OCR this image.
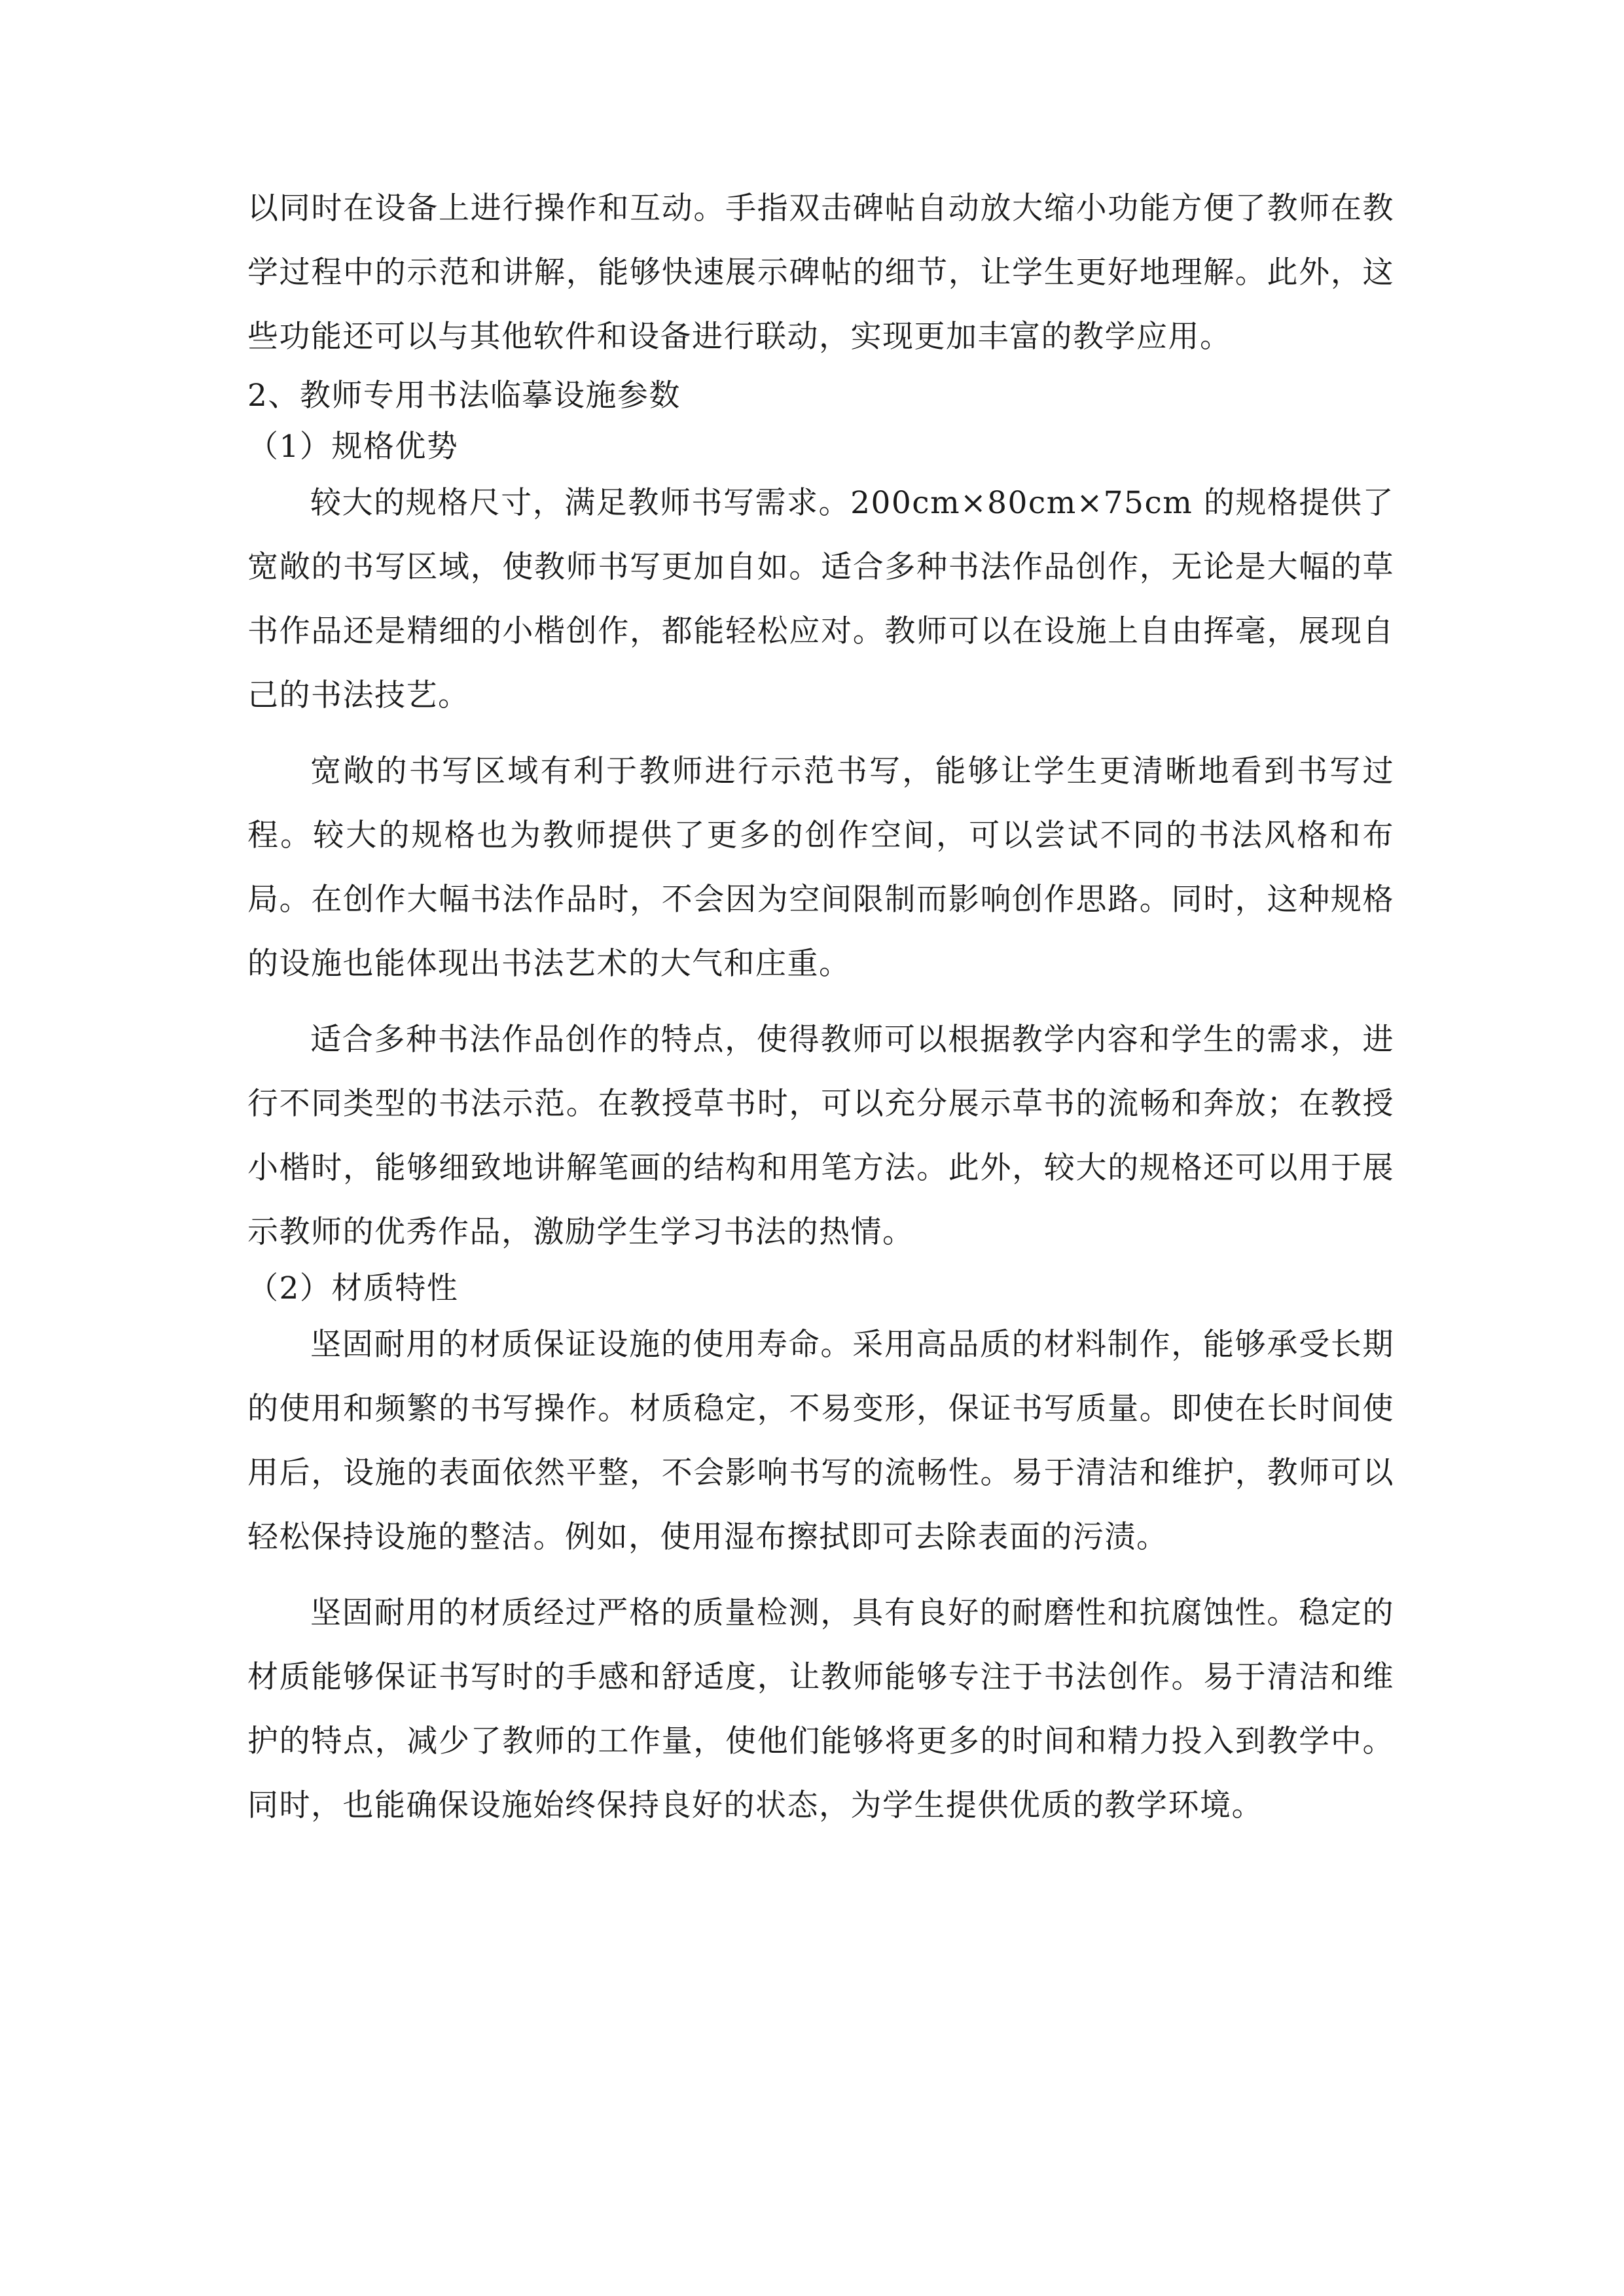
以同时在设备上进行操作和互动。手指双击碑帖自动放大缩小功能方便了教师在教学过程中的示范和讲解，能够快速展示碑帖的细节，让学生更好地理解。此外，这些功能还可以与其他软件和设备进行联动，实现更加丰富的教学应用。

2、教师专用书法临摹设施参数

（1）规格优势

较大的规格尺寸，满足教师书写需求。200cm×80cm×75cm 的规格提供了宽敞的书写区域，使教师书写更加自如。适合多种书法作品创作，无论是大幅的草书作品还是精细的小楷创作，都能轻松应对。教师可以在设施上自由挥毫，展现自己的书法技艺。

宽敞的书写区域有利于教师进行示范书写，能够让学生更清晰地看到书写过程。较大的规格也为教师提供了更多的创作空间，可以尝试不同的书法风格和布局。在创作大幅书法作品时，不会因为空间限制而影响创作思路。同时，这种规格的设施也能体现出书法艺术的大气和庄重。

适合多种书法作品创作的特点，使得教师可以根据教学内容和学生的需求，进行不同类型的书法示范。在教授草书时，可以充分展示草书的流畅和奔放；在教授小楷时，能够细致地讲解笔画的结构和用笔方法。此外，较大的规格还可以用于展示教师的优秀作品，激励学生学习书法的热情。

（2）材质特性

坚固耐用的材质保证设施的使用寿命。采用高品质的材料制作，能够承受长期的使用和频繁的书写操作。材质稳定，不易变形，保证书写质量。即使在长时间使用后，设施的表面依然平整，不会影响书写的流畅性。易于清洁和维护，教师可以轻松保持设施的整洁。例如，使用湿布擦拭即可去除表面的污渍。

坚固耐用的材质经过严格的质量检测，具有良好的耐磨性和抗腐蚀性。稳定的材质能够保证书写时的手感和舒适度，让教师能够专注于书法创作。易于清洁和维护的特点，减少了教师的工作量，使他们能够将更多的时间和精力投入到教学中。同时，也能确保设施始终保持良好的状态，为学生提供优质的教学环境。
